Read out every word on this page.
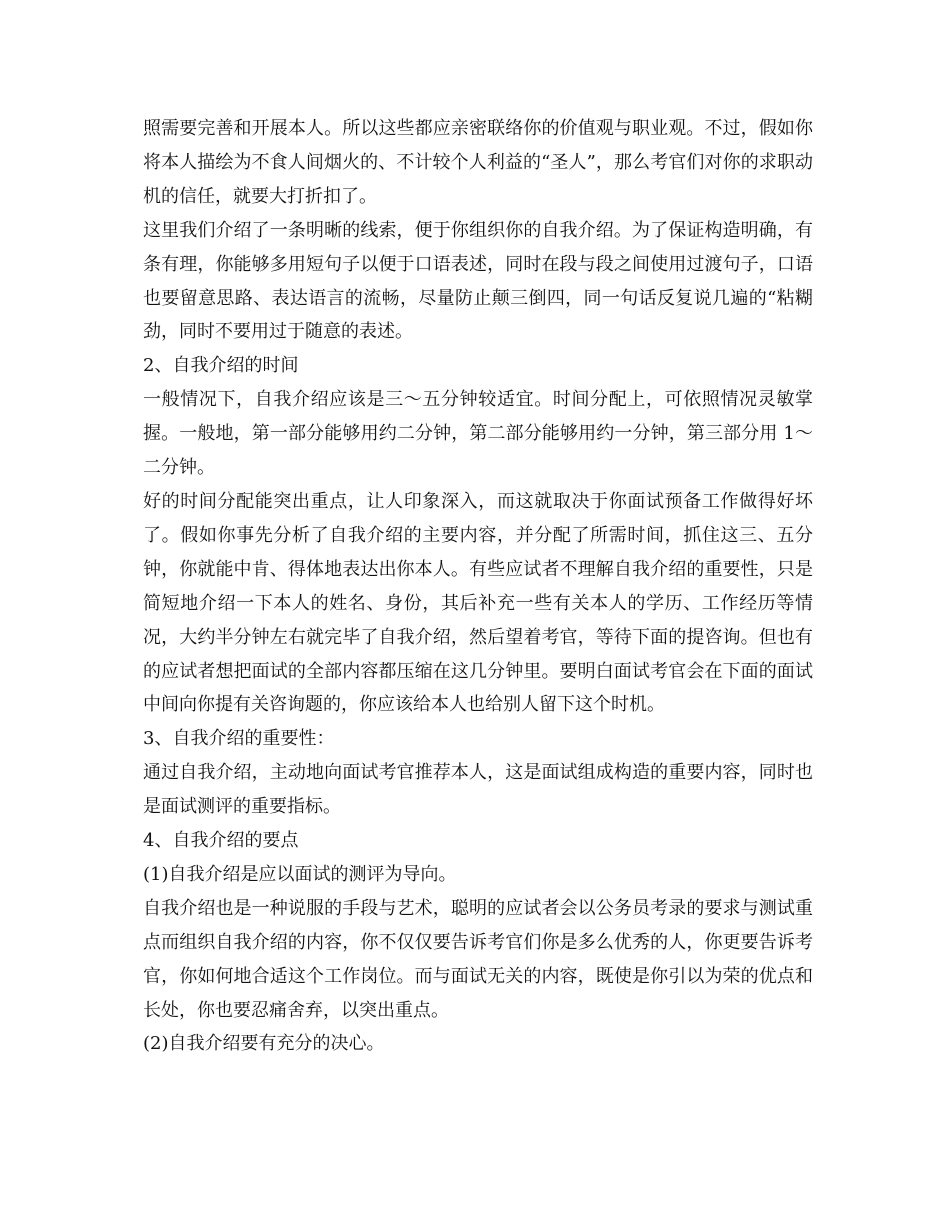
照需要完善和开展本人。所以这些都应亲密联络你的价值观与职业观。不过，假如你将本人描绘为不食人间烟火的、不计较个人利益的“圣人”，那么考官们对你的求职动机的信任，就要大打折扣了。

这里我们介绍了一条明晰的线索，便于你组织你的自我介绍。为了保证构造明确，有条有理，你能够多用短句子以便于口语表述，同时在段与段之间使用过渡句子，口语也要留意思路、表达语言的流畅，尽量防止颠三倒四，同一句话反复说几遍的“粘糊劲，同时不要用过于随意的表述。

2、自我介绍的时间

一般情况下，自我介绍应该是三～五分钟较适宜。时间分配上，可依照情况灵敏掌握。一般地，第一部分能够用约二分钟，第二部分能够用约一分钟，第三部分用 1～二分钟。

好的时间分配能突出重点，让人印象深入，而这就取决于你面试预备工作做得好坏了。假如你事先分析了自我介绍的主要内容，并分配了所需时间，抓住这三、五分钟，你就能中肯、得体地表达出你本人。有些应试者不理解自我介绍的重要性，只是简短地介绍一下本人的姓名、身份，其后补充一些有关本人的学历、工作经历等情况，大约半分钟左右就完毕了自我介绍，然后望着考官，等待下面的提咨询。但也有的应试者想把面试的全部内容都压缩在这几分钟里。要明白面试考官会在下面的面试中间向你提有关咨询题的，你应该给本人也给别人留下这个时机。

3、自我介绍的重要性：

通过自我介绍，主动地向面试考官推荐本人，这是面试组成构造的重要内容，同时也是面试测评的重要指标。

4、自我介绍的要点

(1)自我介绍是应以面试的测评为导向。

自我介绍也是一种说服的手段与艺术，聪明的应试者会以公务员考录的要求与测试重点而组织自我介绍的内容，你不仅仅要告诉考官们你是多么优秀的人，你更要告诉考官，你如何地合适这个工作岗位。而与面试无关的内容，既使是你引以为荣的优点和长处，你也要忍痛舍弃，以突出重点。

(2)自我介绍要有充分的决心。
